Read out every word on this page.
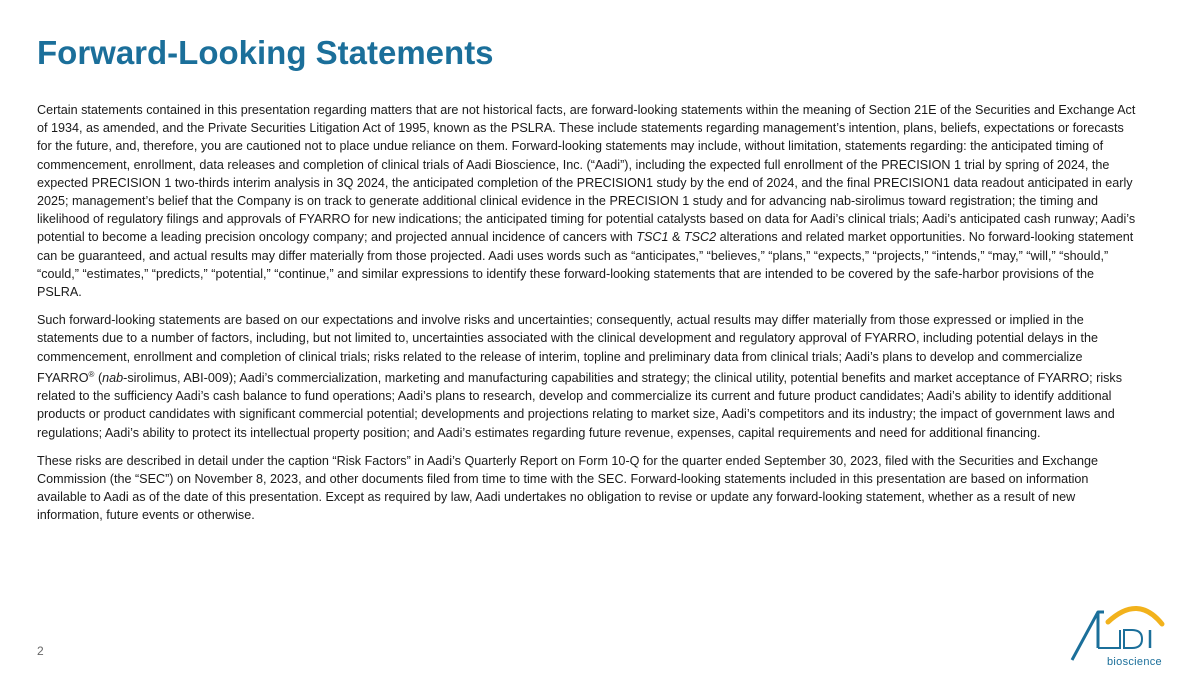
Forward-Looking Statements

Certain statements contained in this presentation regarding matters that are not historical facts, are forward-looking statements within the meaning of Section 21E of the Securities and Exchange Act of 1934, as amended, and the Private Securities Litigation Act of 1995, known as the PSLRA. These include statements regarding management’s intention, plans, beliefs, expectations or forecasts for the future, and, therefore, you are cautioned not to place undue reliance on them. Forward-looking statements may include, without limitation, statements regarding: the anticipated timing of commencement, enrollment, data releases and completion of clinical trials of Aadi Bioscience, Inc. (“Aadi”), including the expected full enrollment of the PRECISION 1 trial by spring of 2024, the expected PRECISION 1 two-thirds interim analysis in 3Q 2024, the anticipated completion of the PRECISION1 study by the end of 2024, and the final PRECISION1 data readout anticipated in early 2025; management’s belief that the Company is on track to generate additional clinical evidence in the PRECISION 1 study and for advancing nab-sirolimus toward registration; the timing and likelihood of regulatory filings and approvals of FYARRO for new indications; the anticipated timing for potential catalysts based on data for Aadi’s clinical trials; Aadi’s anticipated cash runway; Aadi’s potential to become a leading precision oncology company; and projected annual incidence of cancers with TSC1 & TSC2 alterations and related market opportunities. No forward-looking statement can be guaranteed, and actual results may differ materially from those projected. Aadi uses words such as “anticipates,” “believes,” “plans,” “expects,” “projects,” “intends,” “may,” “will,” “should,” “could,” “estimates,” “predicts,” “potential,” “continue,” and similar expressions to identify these forward-looking statements that are intended to be covered by the safe-harbor provisions of the PSLRA.

Such forward-looking statements are based on our expectations and involve risks and uncertainties; consequently, actual results may differ materially from those expressed or implied in the statements due to a number of factors, including, but not limited to, uncertainties associated with the clinical development and regulatory approval of FYARRO, including potential delays in the commencement, enrollment and completion of clinical trials; risks related to the release of interim, topline and preliminary data from clinical trials; Aadi’s plans to develop and commercialize FYARRO® (nab-sirolimus, ABI-009); Aadi’s commercialization, marketing and manufacturing capabilities and strategy; the clinical utility, potential benefits and market acceptance of FYARRO; risks related to the sufficiency Aadi’s cash balance to fund operations; Aadi’s plans to research, develop and commercialize its current and future product candidates; Aadi’s ability to identify additional products or product candidates with significant commercial potential; developments and projections relating to market size, Aadi’s competitors and its industry; the impact of government laws and regulations; Aadi’s ability to protect its intellectual property position; and Aadi’s estimates regarding future revenue, expenses, capital requirements and need for additional financing.

These risks are described in detail under the caption “Risk Factors” in Aadi’s Quarterly Report on Form 10-Q for the quarter ended September 30, 2023, filed with the Securities and Exchange Commission (the “SEC”) on November 8, 2023, and other documents filed from time to time with the SEC. Forward-looking statements included in this presentation are based on information available to Aadi as of the date of this presentation. Except as required by law, Aadi undertakes no obligation to revise or update any forward-looking statement, whether as a result of new information, future events or otherwise.

2
bioscience
